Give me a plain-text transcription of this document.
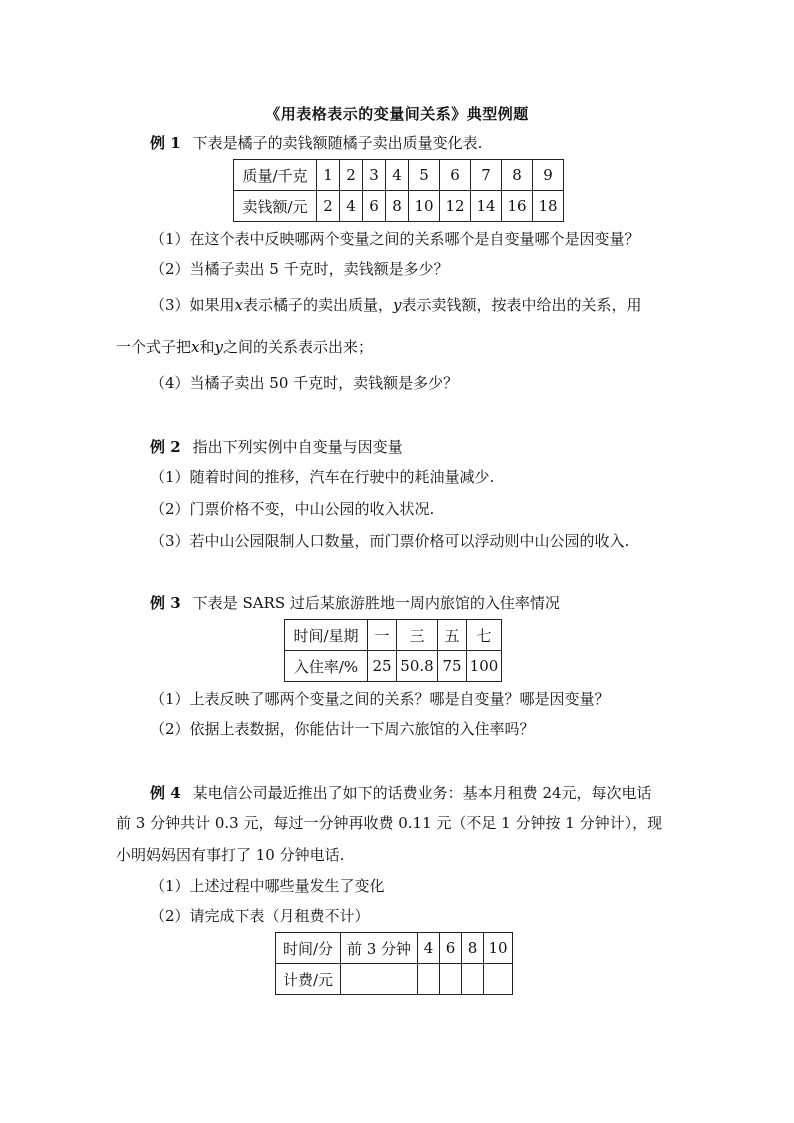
《用表格表示的变量间关系》典型例题
例 1 下表是橘子的卖钱额随橘子卖出质量变化表.
质量/千克	1	2	3	4	5	6	7	8	9
卖钱额/元	2	4	6	8	10	12	14	16	18
（1）在这个表中反映哪两个变量之间的关系哪个是自变量哪个是因变量？
（2）当橘子卖出 5 千克时，卖钱额是多少？
（3）如果用x表示橘子的卖出质量，y表示卖钱额，按表中给出的关系，用
一个式子把x和y之间的关系表示出来；
（4）当橘子卖出 50 千克时，卖钱额是多少？
例 2 指出下列实例中自变量与因变量
（1）随着时间的推移，汽车在行驶中的耗油量减少.
（2）门票价格不变，中山公园的收入状况.
（3）若中山公园限制人口数量，而门票价格可以浮动则中山公园的收入.
例 3 下表是 SARS 过后某旅游胜地一周内旅馆的入住率情况
时间/星期	一	三	五	七
入住率/%	25	50.8	75	100
（1）上表反映了哪两个变量之间的关系？哪是自变量？哪是因变量？
（2）依据上表数据，你能估计一下周六旅馆的入住率吗？
例 4 某电信公司最近推出了如下的话费业务：基本月租费 24元，每次电话
前 3 分钟共计 0.3 元，每过一分钟再收费 0.11 元（不足 1 分钟按 1 分钟计），现
小明妈妈因有事打了 10 分钟电话.
（1）上述过程中哪些量发生了变化
（2）请完成下表（月租费不计）
时间/分	前 3 分钟	4	6	8	10
计费/元					
